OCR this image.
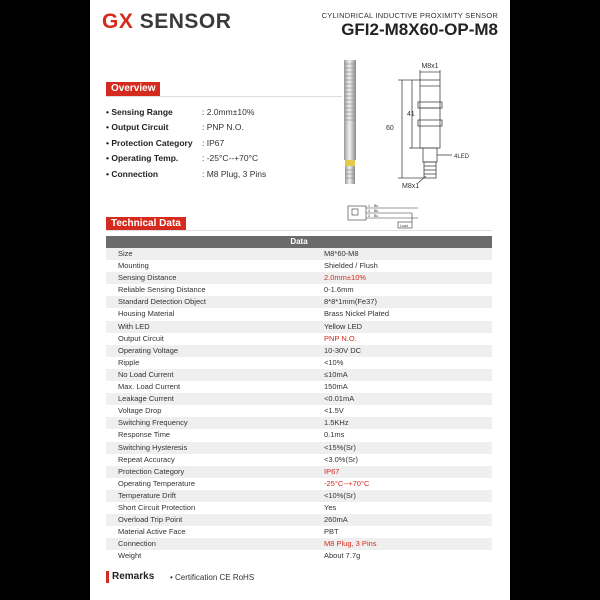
GX SENSOR	CYLINDRICAL INDUCTIVE PROXIMITY SENSOR
GFI2-M8X60-OP-M8
Overview
• Sensing Range	: 2.0mm±10%
• Output Circuit	: PNP N.O.
• Protection Category	: IP67
• Operating Temp.	: -25°C--+70°C
• Connection	: M8 Plug, 3 Pins
M8x1
41
60
4LED
M8x1
1
4
3
Bn
Bk
Bu
Load
Technical Data
Data
Size	M8*60-M8
Mounting	Shielded / Flush
Sensing Distance	2.0mm±10%
Reliable Sensing Distance	0-1.6mm
Standard Detection Object	8*8*1mm(Fe37)
Housing Material	Brass Nickel Plated
With LED	Yellow LED
Output Circuit	PNP N.O.
Operating Voltage	10-30V DC
Ripple	<10%
No Load Current	≤10mA
Max. Load Current	150mA
Leakage Current	<0.01mA
Voltage Drop	<1.5V
Switching Frequency	1.5KHz
Response Time	0.1ms
Switching Hysteresis	<15%(Sr)
Repeat Accuracy	<3.0%(Sr)
Protection Category	IP67
Operating Temperature	-25°C--+70°C
Temperature Drift	<10%(Sr)
Short Circuit Protection	Yes
Overload Trip Point	260mA
Material Active Face	PBT
Connection	M8 Plug, 3 Pins
Weight	About 7.7g
Remarks
•	Certification CE RoHS
